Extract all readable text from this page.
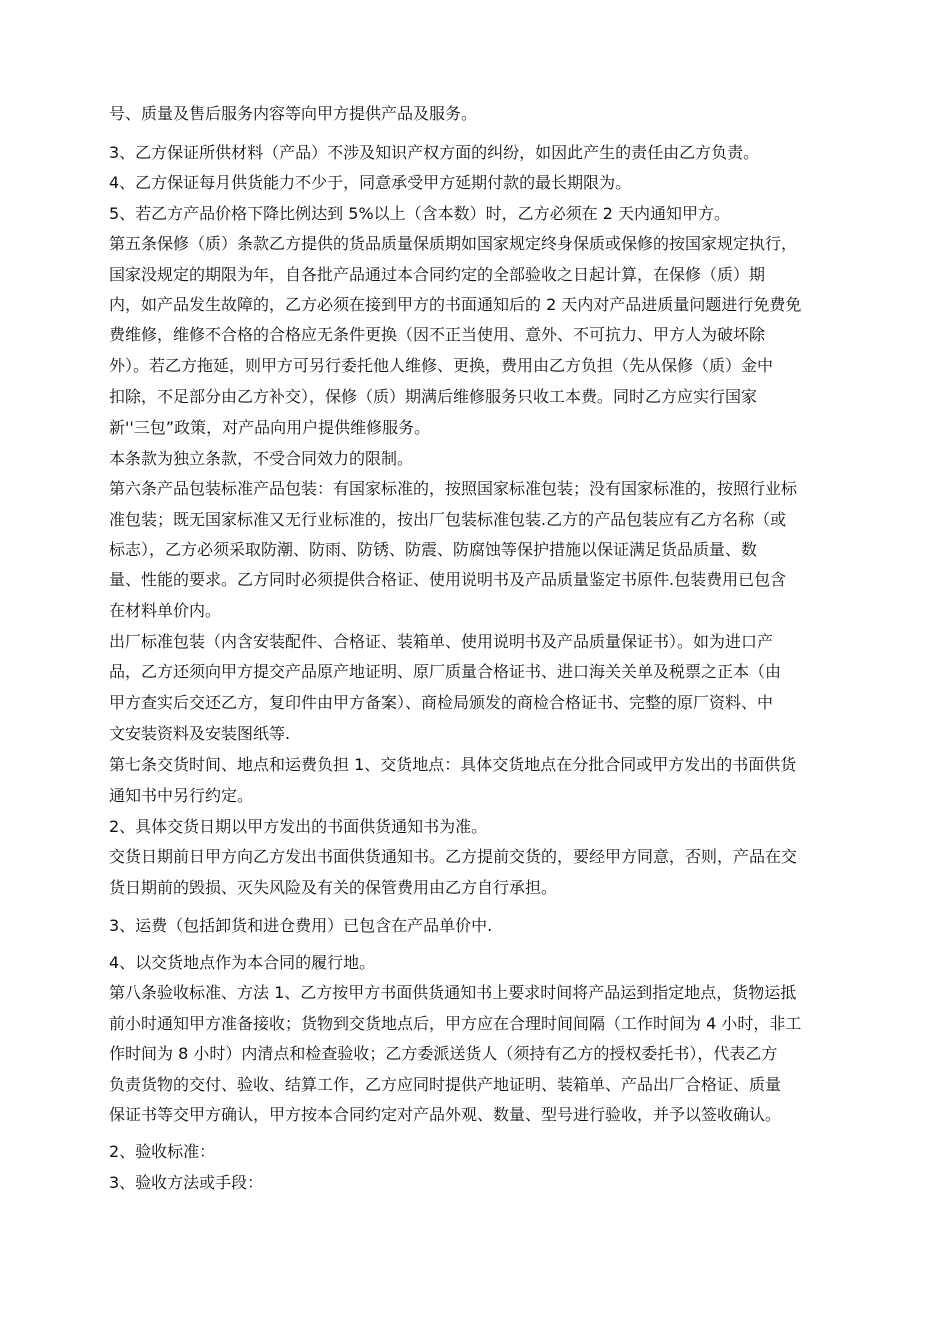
号、质量及售后服务内容等向甲方提供产品及服务。
3、乙方保证所供材料（产品）不涉及知识产权方面的纠纷，如因此产生的责任由乙方负责。
4、乙方保证每月供货能力不少于，同意承受甲方延期付款的最长期限为。
5、若乙方产品价格下降比例达到 5%以上（含本数）时，乙方必须在 2 天内通知甲方。
第五条保修（质）条款乙方提供的货品质量保质期如国家规定终身保质或保修的按国家规定执行，
国家没规定的期限为年，自各批产品通过本合同约定的全部验收之日起计算，在保修（质）期
内，如产品发生故障的，乙方必须在接到甲方的书面通知后的 2 天内对产品进质量问题进行免费免
费维修，维修不合格的合格应无条件更换（因不正当使用、意外、不可抗力、甲方人为破坏除
外）。若乙方拖延，则甲方可另行委托他人维修、更换，费用由乙方负担（先从保修（质）金中
扣除，不足部分由乙方补交），保修（质）期满后维修服务只收工本费。同时乙方应实行国家
新''三包”政策，对产品向用户提供维修服务。
本条款为独立条款，不受合同效力的限制。
第六条产品包装标准产品包装：有国家标准的，按照国家标准包装；没有国家标准的，按照行业标
准包装；既无国家标准又无行业标准的，按出厂包装标准包装.乙方的产品包装应有乙方名称（或
标志），乙方必须采取防潮、防雨、防锈、防震、防腐蚀等保护措施以保证满足货品质量、数
量、性能的要求。乙方同时必须提供合格证、使用说明书及产品质量鉴定书原件.包装费用已包含
在材料单价内。
出厂标准包装（内含安装配件、合格证、装箱单、使用说明书及产品质量保证书）。如为进口产
品，乙方还须向甲方提交产品原产地证明、原厂质量合格证书、进口海关关单及税票之正本（由
甲方查实后交还乙方，复印件由甲方备案）、商检局颁发的商检合格证书、完整的原厂资料、中
文安装资料及安装图纸等.
第七条交货时间、地点和运费负担 1、交货地点：具体交货地点在分批合同或甲方发出的书面供货
通知书中另行约定。
2、具体交货日期以甲方发出的书面供货通知书为准。
交货日期前日甲方向乙方发出书面供货通知书。乙方提前交货的，要经甲方同意，否则，产品在交
货日期前的毁损、灭失风险及有关的保管费用由乙方自行承担。
3、运费（包括卸货和进仓费用）已包含在产品单价中.
4、以交货地点作为本合同的履行地。
第八条验收标准、方法 1、乙方按甲方书面供货通知书上要求时间将产品运到指定地点，货物运抵
前小时通知甲方准备接收；货物到交货地点后，甲方应在合理时间间隔（工作时间为 4 小时，非工
作时间为 8 小时）内清点和检查验收；乙方委派送货人（须持有乙方的授权委托书），代表乙方
负责货物的交付、验收、结算工作，乙方应同时提供产地证明、装箱单、产品出厂合格证、质量
保证书等交甲方确认，甲方按本合同约定对产品外观、数量、型号进行验收，并予以签收确认。
2、验收标准：
3、验收方法或手段：
